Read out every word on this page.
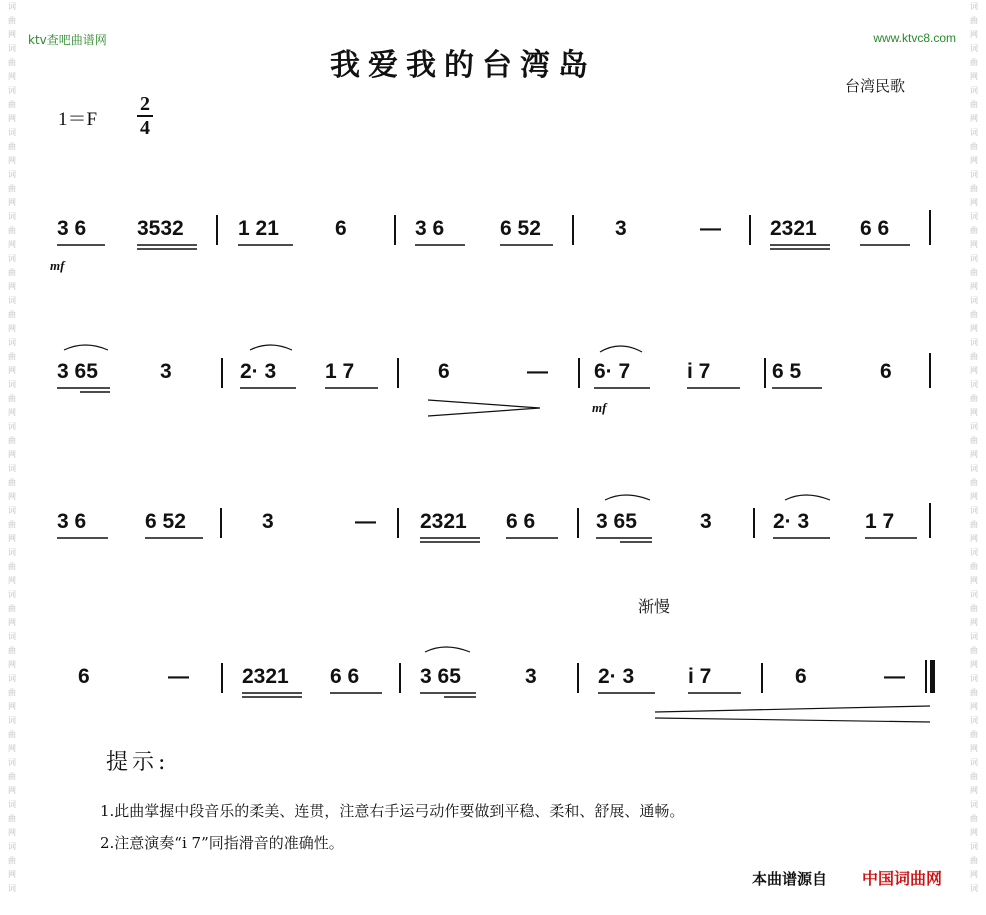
词
曲
网
词
曲
网
词
曲
网
词
曲
网
词
曲
网
词
曲
网
词
曲
网
词
曲
网
词
曲
网
词
曲
网
词
曲
网
词
曲
网
词
曲
网
词
曲
网
词
曲
网
词
曲
网
词
曲
网
词
曲
网
词
曲
网
词
曲
网
词
曲
网
词
词
曲
网
词
曲
网
词
曲
网
词
曲
网
词
曲
网
词
曲
网
词
曲
网
词
曲
网
词
曲
网
词
曲
网
词
曲
网
词
曲
网
词
曲
网
词
曲
网
词
曲
网
词
曲
网
词
曲
网
词
曲
网
词
曲
网
词
曲
网
词
曲
网
词
ktv查吧曲谱网	www.ktvc8.com
我爱我的台湾岛
台湾民歌
1＝F
2
4
3 6 3532	1 21	6	3 6	6 52	3	— 2321 6 6
3 65	3	2· 3 1 7	6	— 6· 7	i 7	6 5	6
3 6	6 52	3	— 2321 6 6	3 65	3	2· 3	1 7
6	—	2321 6 6	3 65	3	2· 3	i 7	6	—
mf
mf
渐慢
提示:
1.此曲掌握中段音乐的柔美、连贯，注意右手运弓动作要做到平稳、柔和、舒展、通畅。
2.注意演奏“i 7”同指滑音的准确性。
本曲谱源自 中国词曲网
